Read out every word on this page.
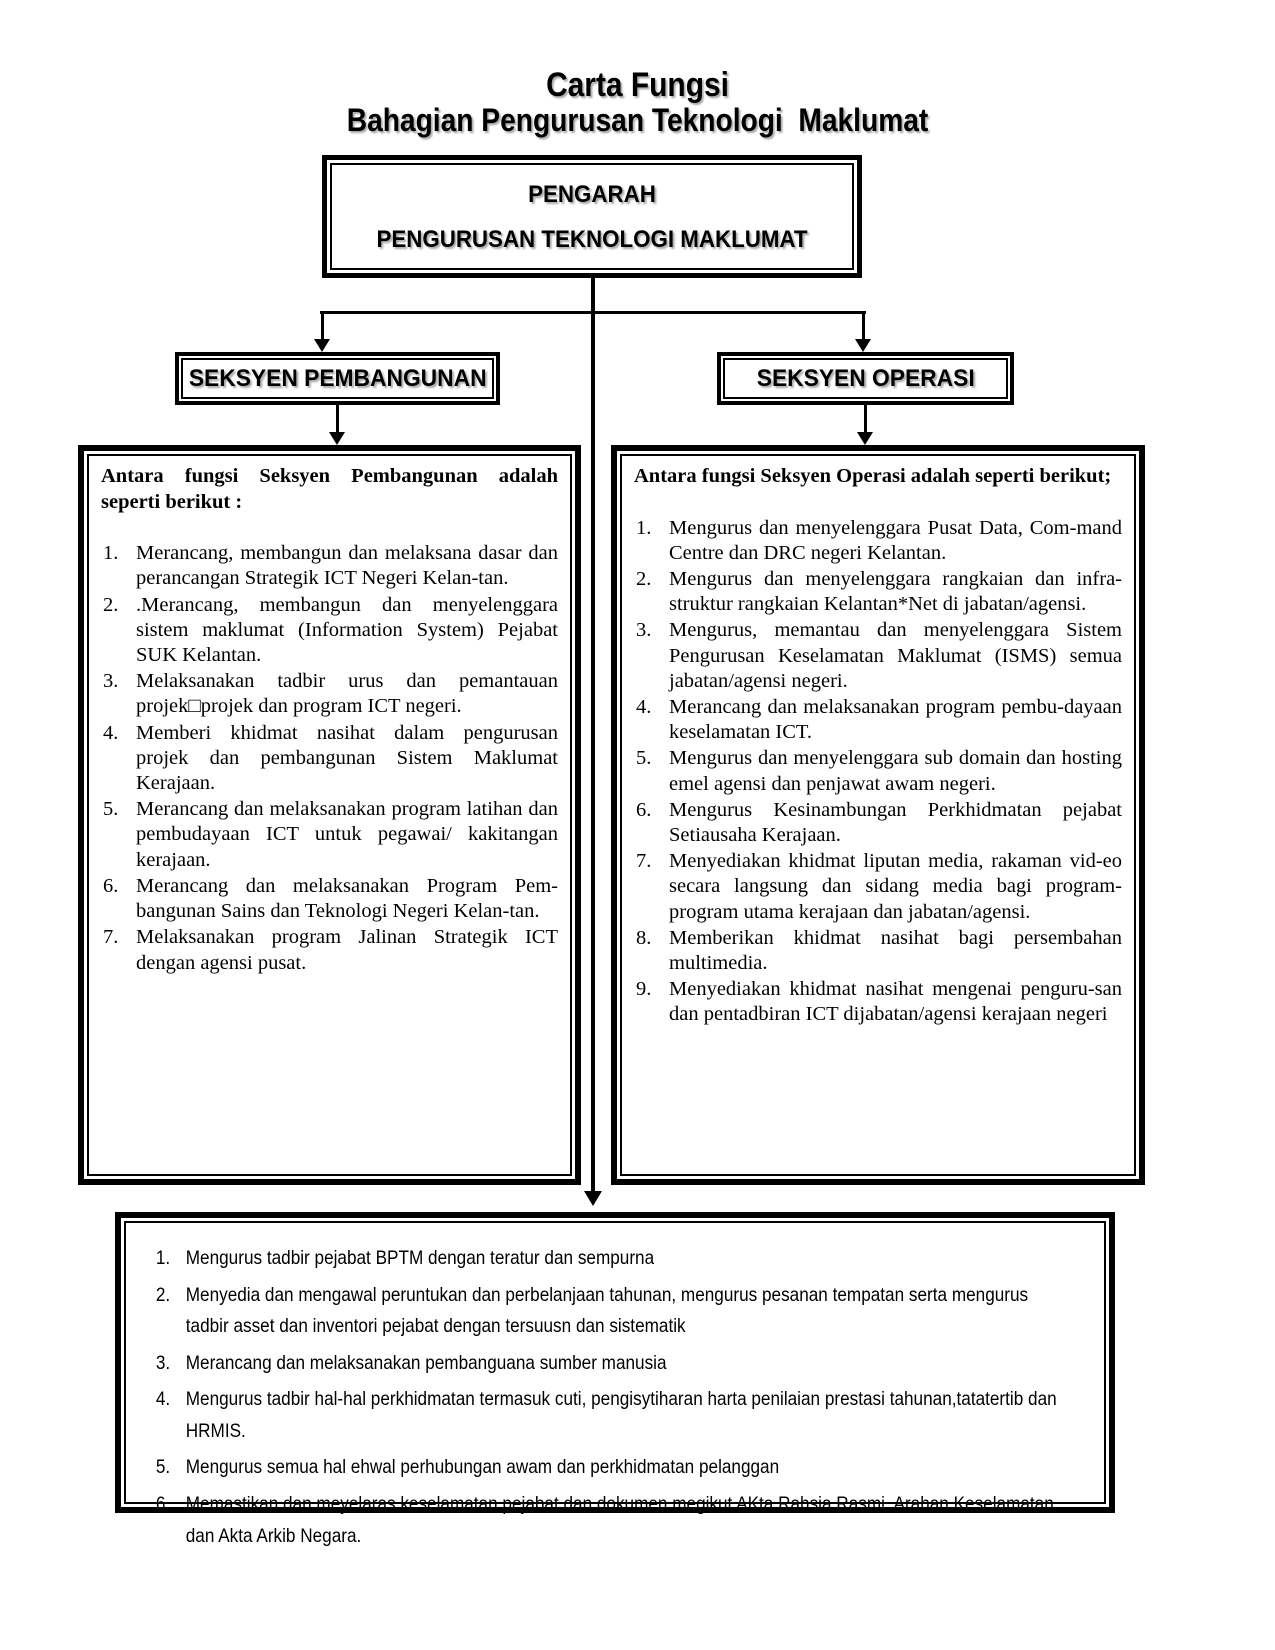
Carta Fungsi
Bahagian Pengurusan Teknologi  Maklumat
PENGARAH
PENGURUSAN TEKNOLOGI MAKLUMAT
SEKSYEN PEMBANGUNAN	SEKSYEN OPERASI

Antara fungsi Seksyen Pembangunan adalah seperti berikut :

1. Merancang, membangun dan melaksana dasar dan perancangan Strategik ICT Negeri Kelan-tan.
2. .Merancang, membangun dan menyelenggara sistem maklumat (Information System) Pejabat SUK Kelantan.
3. Melaksanakan tadbir urus dan pemantauan projek□projek dan program ICT negeri.
4. Memberi khidmat nasihat dalam pengurusan projek dan pembangunan Sistem Maklumat Kerajaan.
5. Merancang dan melaksanakan program latihan dan pembudayaan ICT untuk pegawai/ kakitangan kerajaan.
6. Merancang dan melaksanakan Program Pem-bangunan Sains dan Teknologi Negeri Kelan-tan.
7. Melaksanakan program Jalinan Strategik ICT dengan agensi pusat.

Antara fungsi Seksyen Operasi adalah seperti berikut;

1. Mengurus dan menyelenggara Pusat Data, Com-mand Centre dan DRC negeri Kelantan.
2. Mengurus dan menyelenggara rangkaian dan infra-struktur rangkaian Kelantan*Net di jabatan/agensi.
3. Mengurus, memantau dan menyelenggara Sistem Pengurusan Keselamatan Maklumat (ISMS) semua jabatan/agensi negeri.
4. Merancang dan melaksanakan program pembu-dayaan keselamatan ICT.
5. Mengurus dan menyelenggara sub domain dan hosting emel agensi dan penjawat awam negeri.
6. Mengurus Kesinambungan Perkhidmatan pejabat Setiausaha Kerajaan.
7. Menyediakan khidmat liputan media, rakaman vid-eo secara langsung dan sidang media bagi program-program utama kerajaan dan jabatan/agensi.
8. Memberikan khidmat nasihat bagi persembahan multimedia.
9. Menyediakan khidmat nasihat mengenai penguru-san dan pentadbiran ICT dijabatan/agensi kerajaan negeri
1. Mengurus tadbir pejabat BPTM dengan teratur dan sempurna
2. Menyedia dan mengawal peruntukan dan perbelanjaan tahunan, mengurus pesanan tempatan serta mengurus tadbir asset dan inventori pejabat dengan tersuusn dan sistematik
3. Merancang dan melaksanakan pembanguana sumber manusia
4. Mengurus tadbir hal-hal perkhidmatan termasuk cuti, pengisytiharan harta penilaian prestasi tahunan,tatatertib dan HRMIS.
5. Mengurus semua hal ehwal perhubungan awam dan perkhidmatan pelanggan
6. Memastikan dan meyelaras keselamatan pejabat dan dokumen megikut AKta Rahsia Rasmi, Arahan Keselamatan dan Akta Arkib Negara.
